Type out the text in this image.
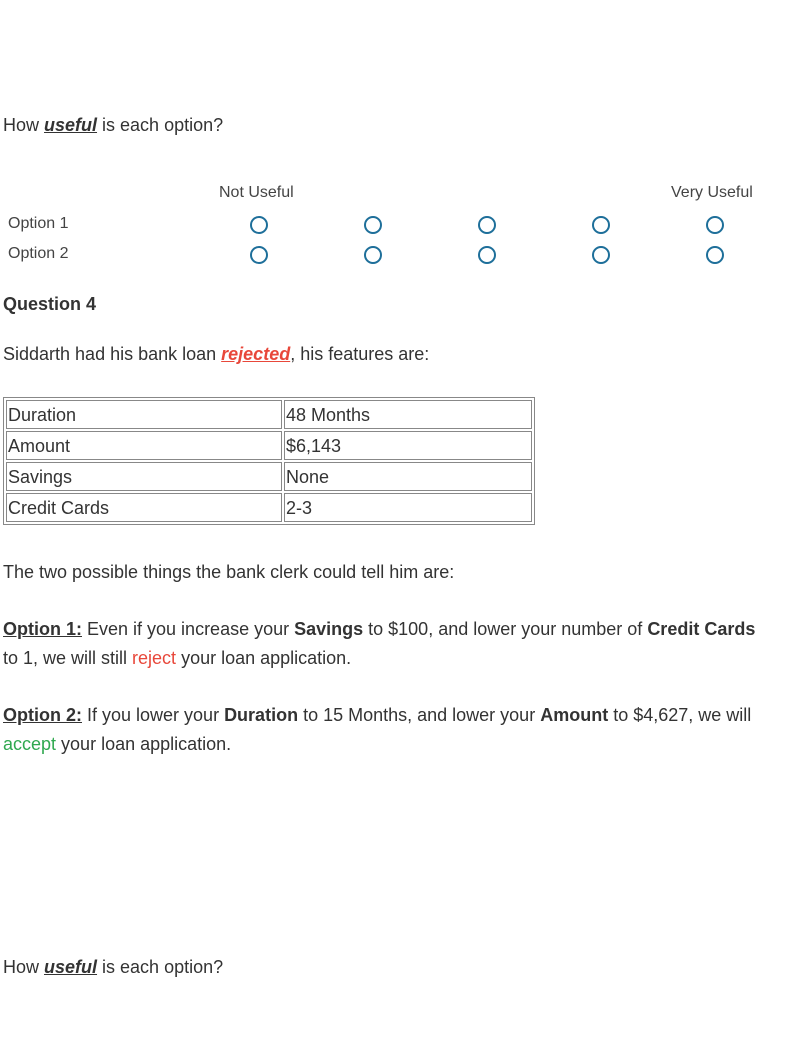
How useful is each option?
Not Useful	Very Useful
Option 1
Option 2
Question 4
Siddarth had his bank loan rejected, his features are:
Duration	48 Months
Amount	$6,143
Savings	None
Credit Cards	2-3
The two possible things the bank clerk could tell him are:
Option 1: Even if you increase your Savings to $100, and lower your number of Credit Cards to 1, we will still reject your loan application.
Option 2: If you lower your Duration to 15 Months, and lower your Amount to $4,627, we will accept your loan application.
How useful is each option?
